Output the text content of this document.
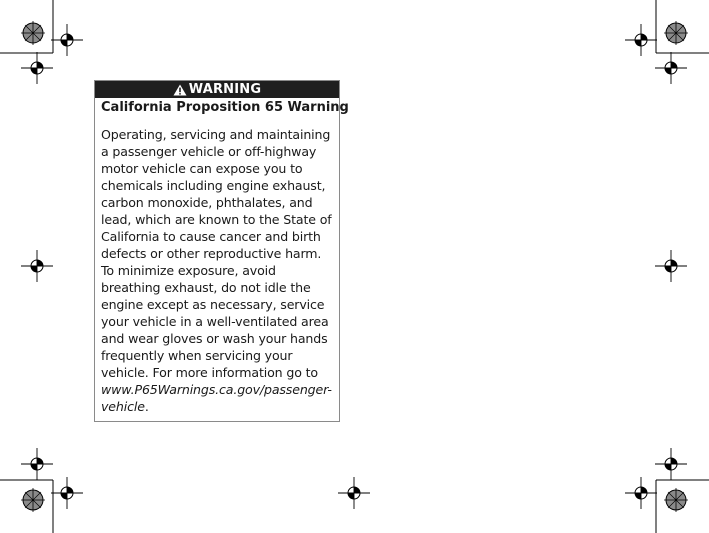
WARNING
California Proposition 65 Warning
Operating, servicing and maintaining
a passenger vehicle or off-highway
motor vehicle can expose you to
chemicals including engine exhaust,
carbon monoxide, phthalates, and
lead, which are known to the State of
California to cause cancer and birth
defects or other reproductive harm.
To minimize exposure, avoid
breathing exhaust, do not idle the
engine except as necessary, service
your vehicle in a well-ventilated area
and wear gloves or wash your hands
frequently when servicing your
vehicle. For more information go to
www.P65Warnings.ca.gov/passenger-
vehicle.
